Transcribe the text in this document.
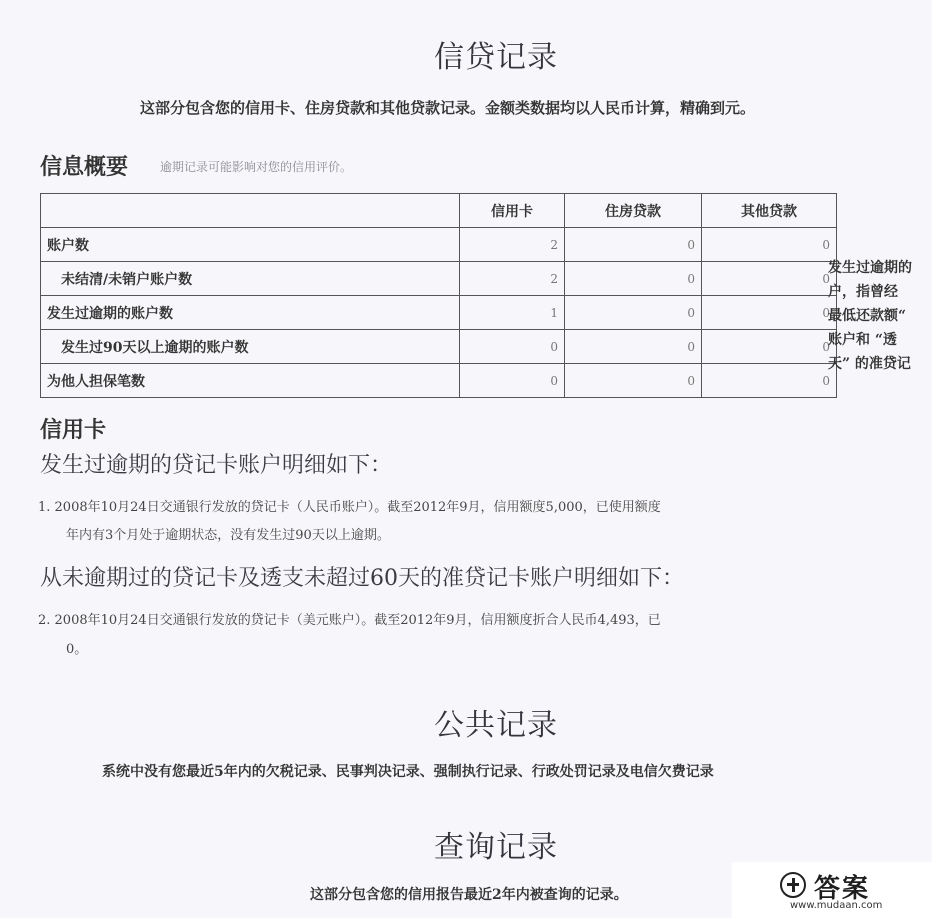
信贷记录
这部分包含您的信用卡、住房贷款和其他贷款记录。金额类数据均以人民币计算，精确到元。
信息概要	逾期记录可能影响对您的信用评价。
	信用卡	住房贷款	其他贷款
账户数	2	0	0
未结清/未销户账户数	2	0	0
发生过逾期的账户数	1	0	0
发生过90天以上逾期的账户数	0	0	0
为他人担保笔数	0	0	0
发生过逾期的
户，指曾经
最低还款额“
账户和 “透
天” 的准贷记
信用卡
发生过逾期的贷记卡账户明细如下：
1. 2008年10月24日交通银行发放的贷记卡（人民币账户）。截至2012年9月，信用额度5,000，已使用额度
年内有3个月处于逾期状态，没有发生过90天以上逾期。
从未逾期过的贷记卡及透支未超过60天的准贷记卡账户明细如下：
2. 2008年10月24日交通银行发放的贷记卡（美元账户）。截至2012年9月，信用额度折合人民币4,493，已
0。
公共记录
系统中没有您最近5年内的欠税记录、民事判决记录、强制执行记录、行政处罚记录及电信欠费记录
查询记录
这部分包含您的信用报告最近2年内被查询的记录。	答案
www.mudaan.com
